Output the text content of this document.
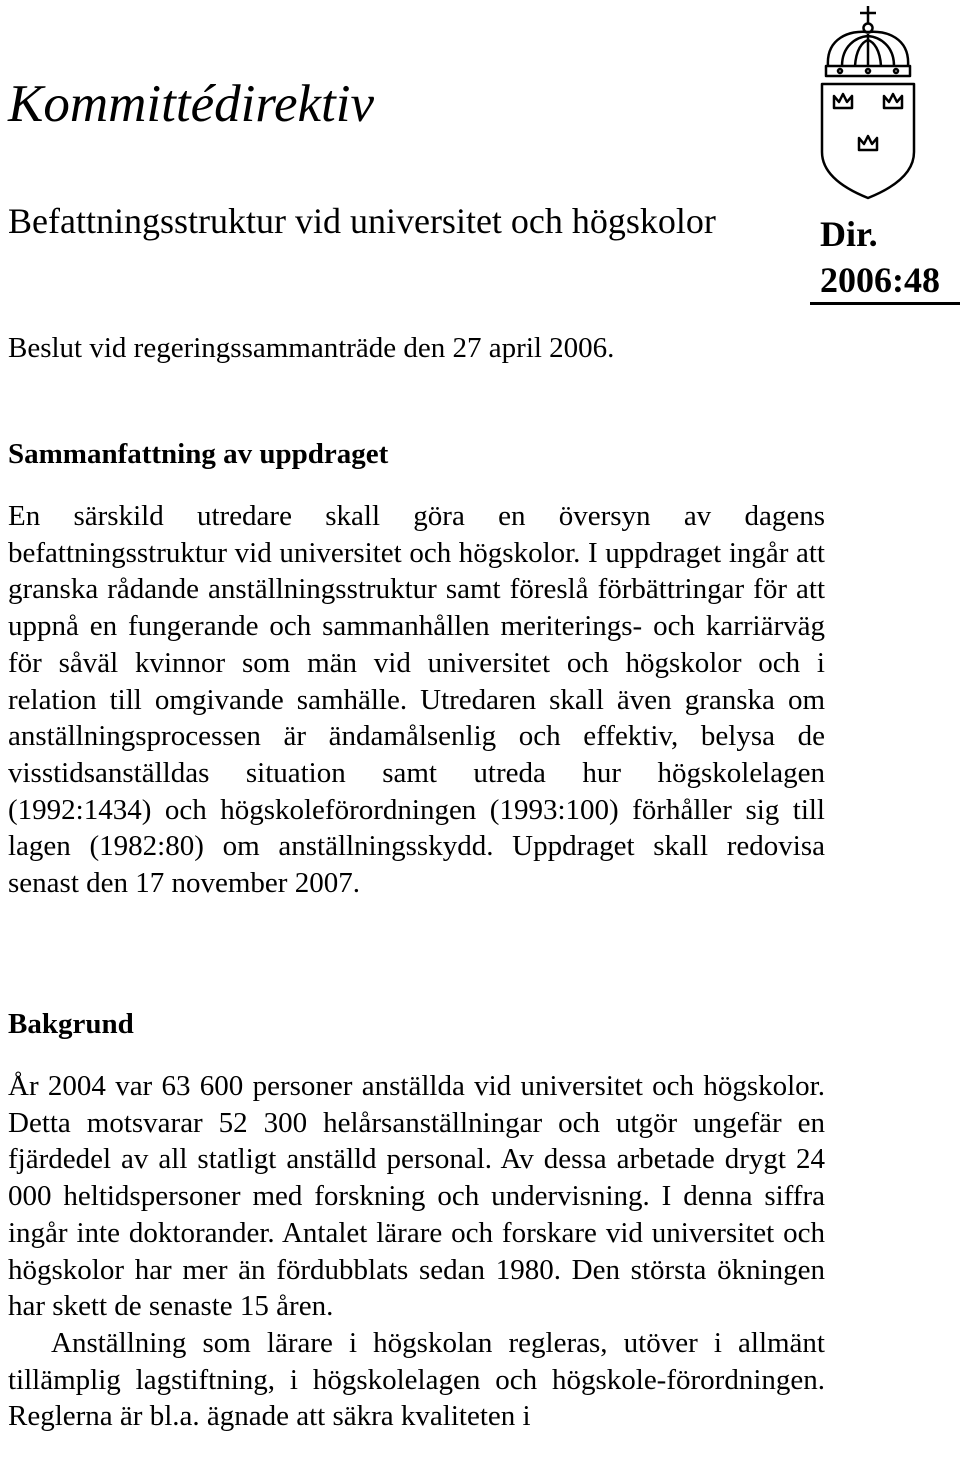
Kommittédirektiv
Befattningsstruktur vid universitet och högskolor	Dir.
2006:48

Beslut vid regeringssammanträde den 27 april 2006.

Sammanfattning av uppdraget

En särskild utredare skall göra en översyn av dagens befattningsstruktur vid universitet och högskolor. I uppdraget ingår att granska rådande anställningsstruktur samt föreslå förbättringar för att uppnå en fungerande och sammanhållen meriterings- och karriärväg för såväl kvinnor som män vid universitet och högskolor och i relation till omgivande samhälle. Utredaren skall även granska om anställningsprocessen är ändamålsenlig och effektiv, belysa de visstidsanställdas situation samt utreda hur högskolelagen (1992:1434) och högskoleförordningen (1993:100) förhåller sig till lagen (1982:80) om anställningsskydd. Uppdraget skall redovisa senast den 17 november 2007.

Bakgrund

År 2004 var 63 600 personer anställda vid universitet och högskolor. Detta motsvarar 52 300 helårsanställningar och utgör ungefär en fjärdedel av all statligt anställd personal. Av dessa arbetade drygt 24 000 heltidspersoner med forskning och undervisning. I denna siffra ingår inte doktorander. Antalet lärare och forskare vid universitet och högskolor har mer än fördubblats sedan 1980. Den största ökningen har skett de senaste 15 åren.

Anställning som lärare i högskolan regleras, utöver i allmänt tillämplig lagstiftning, i högskolelagen och högskole-förordningen. Reglerna är bl.a. ägnade att säkra kvaliteten i
